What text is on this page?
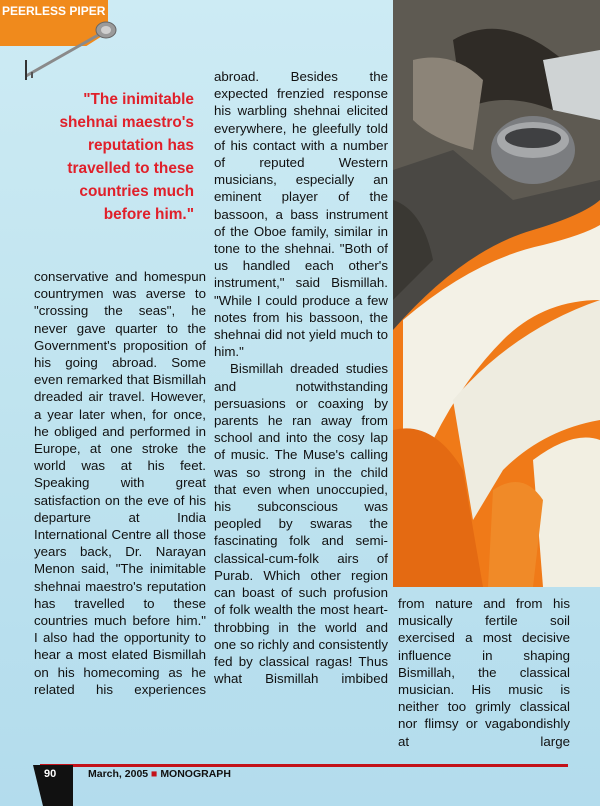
PEERLESS PIPER
"The inimitable shehnai maestro's reputation has travelled to these countries much before him."

conservative and homespun countrymen was averse to "crossing the seas", he never gave quarter to the Government's proposition of his going abroad. Some even remarked that Bismillah dreaded air travel. However, a year later when, for once, he obliged and performed in Europe, at one stroke the world was at his feet. Speaking with great satisfaction on the eve of his departure at India International Centre all those years back, Dr. Narayan Menon said, "The inimitable shehnai maestro's reputation has travelled to these countries much before him." I also had the opportunity to hear a most elated Bismillah on his homecoming as he related his experiences

abroad. Besides the expected frenzied response his warbling shehnai elicited everywhere, he gleefully told of his contact with a number of reputed Western musicians, especially an eminent player of the bassoon, a bass instrument of the Oboe family, similar in tone to the shehnai. "Both of us handled each other's instrument," said Bismillah. "While I could produce a few notes from his bassoon, the shehnai did not yield much to him."

Bismillah dreaded studies and notwithstanding persuasions or coaxing by parents he ran away from school and into the cosy lap of music. The Muse's calling was so strong in the child that even when unoccupied, his subconscious was peopled by swaras the fascinating folk and semi-classical-cum-folk airs of Purab. Which other region can boast of such profusion of folk wealth the most heart-throbbing in the world and one so richly and consistently fed by classical ragas! Thus what Bismillah imbibed

from nature and from his musically fertile soil exercised a most decisive influence in shaping Bismillah, the classical musician. His music is neither too grimly classical nor flimsy or vagabondishly at large

90	March, 2005 ■ MONOGRAPH
